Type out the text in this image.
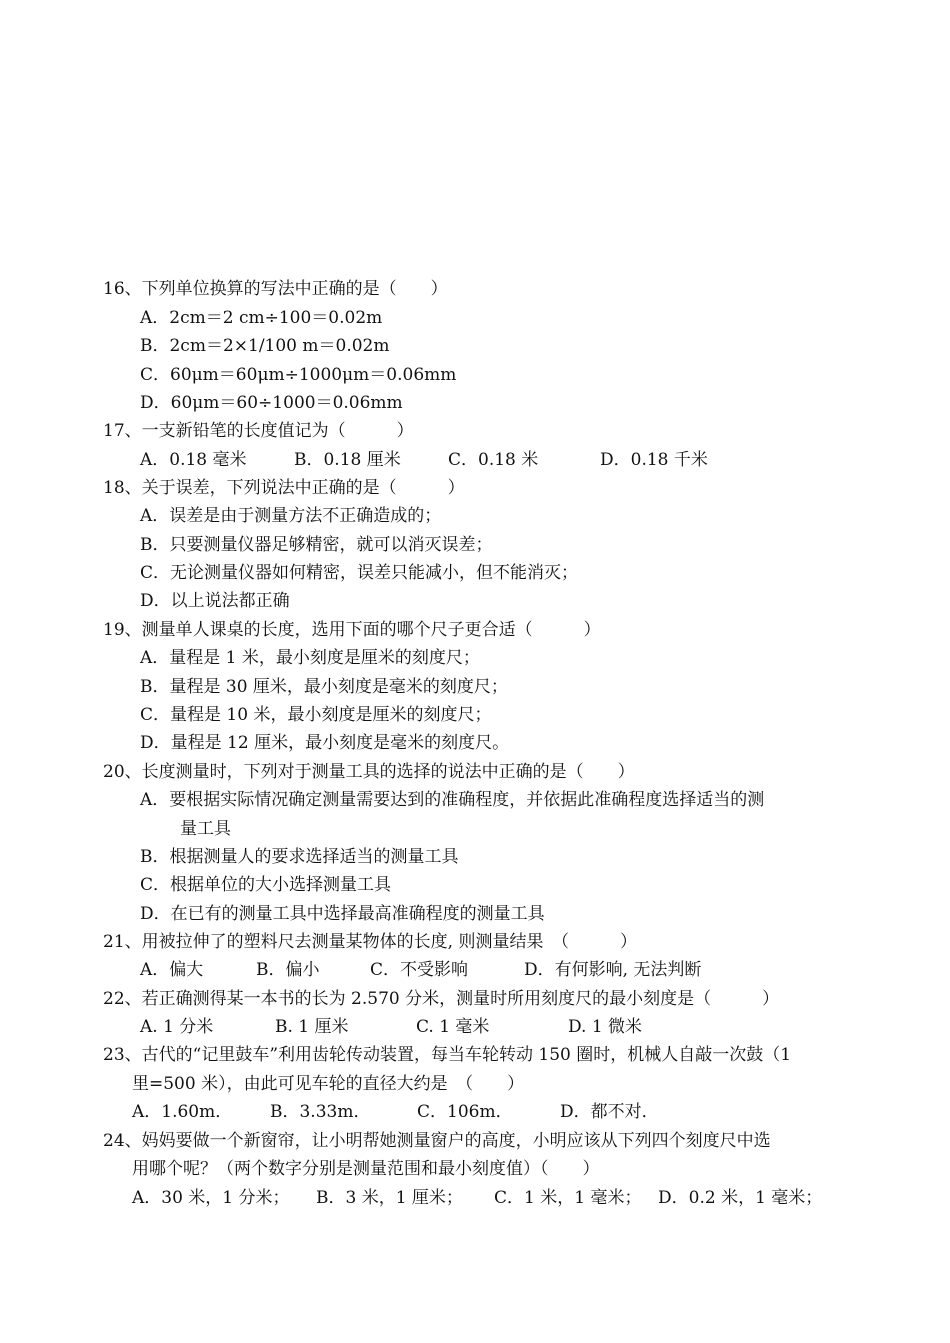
16、下列单位换算的写法中正确的是（　　）
A．2cm＝2 cm÷100＝0.02m
B．2cm＝2×1/100 m＝0.02m
C．60μm＝60μm÷1000μm＝0.06mm
D．60μm＝60÷1000＝0.06mm
17、一支新铅笔的长度值记为（　　　）
A．0.18 毫米	B．0.18 厘米	C．0.18 米	D．0.18 千米
18、关于误差，下列说法中正确的是（　　　）
A．误差是由于测量方法不正确造成的；
B．只要测量仪器足够精密，就可以消灭误差；
C．无论测量仪器如何精密，误差只能减小，但不能消灭；
D．以上说法都正确
19、测量单人课桌的长度，选用下面的哪个尺子更合适（　　　）
A．量程是 1 米，最小刻度是厘米的刻度尺；
B．量程是 30 厘米，最小刻度是毫米的刻度尺；
C．量程是 10 米，最小刻度是厘米的刻度尺；
D．量程是 12 厘米，最小刻度是毫米的刻度尺。
20、长度测量时，下列对于测量工具的选择的说法中正确的是（　　）
A．要根据实际情况确定测量需要达到的准确程度，并依据此准确程度选择适当的测
量工具
B．根据测量人的要求选择适当的测量工具
C．根据单位的大小选择测量工具
D．在已有的测量工具中选择最高准确程度的测量工具
21、用被拉伸了的塑料尺去测量某物体的长度, 则测量结果　（　　　）
A．偏大	B．偏小	C．不受影响	D．有何影响, 无法判断
22、若正确测得某一本书的长为 2.570 分米，测量时所用刻度尺的最小刻度是（　　　）
A. 1 分米	B. 1 厘米	C. 1 毫米	D. 1 微米
23、古代的“记里鼓车”利用齿轮传动装置，每当车轮转动 150 圈时，机械人自敲一次鼓（1
里=500 米），由此可见车轮的直径大约是　（　　）
A．1.60m． B．3.33m．	C．106m．	D．都不对．
24、妈妈要做一个新窗帘，让小明帮她测量窗户的高度，小明应该从下列四个刻度尺中选
用哪个呢？（两个数字分别是测量范围和最小刻度值）（　　）
A．30 米，1 分米； B．3 米，1 厘米； C．1 米，1 毫米； D．0.2 米，1 毫米；
